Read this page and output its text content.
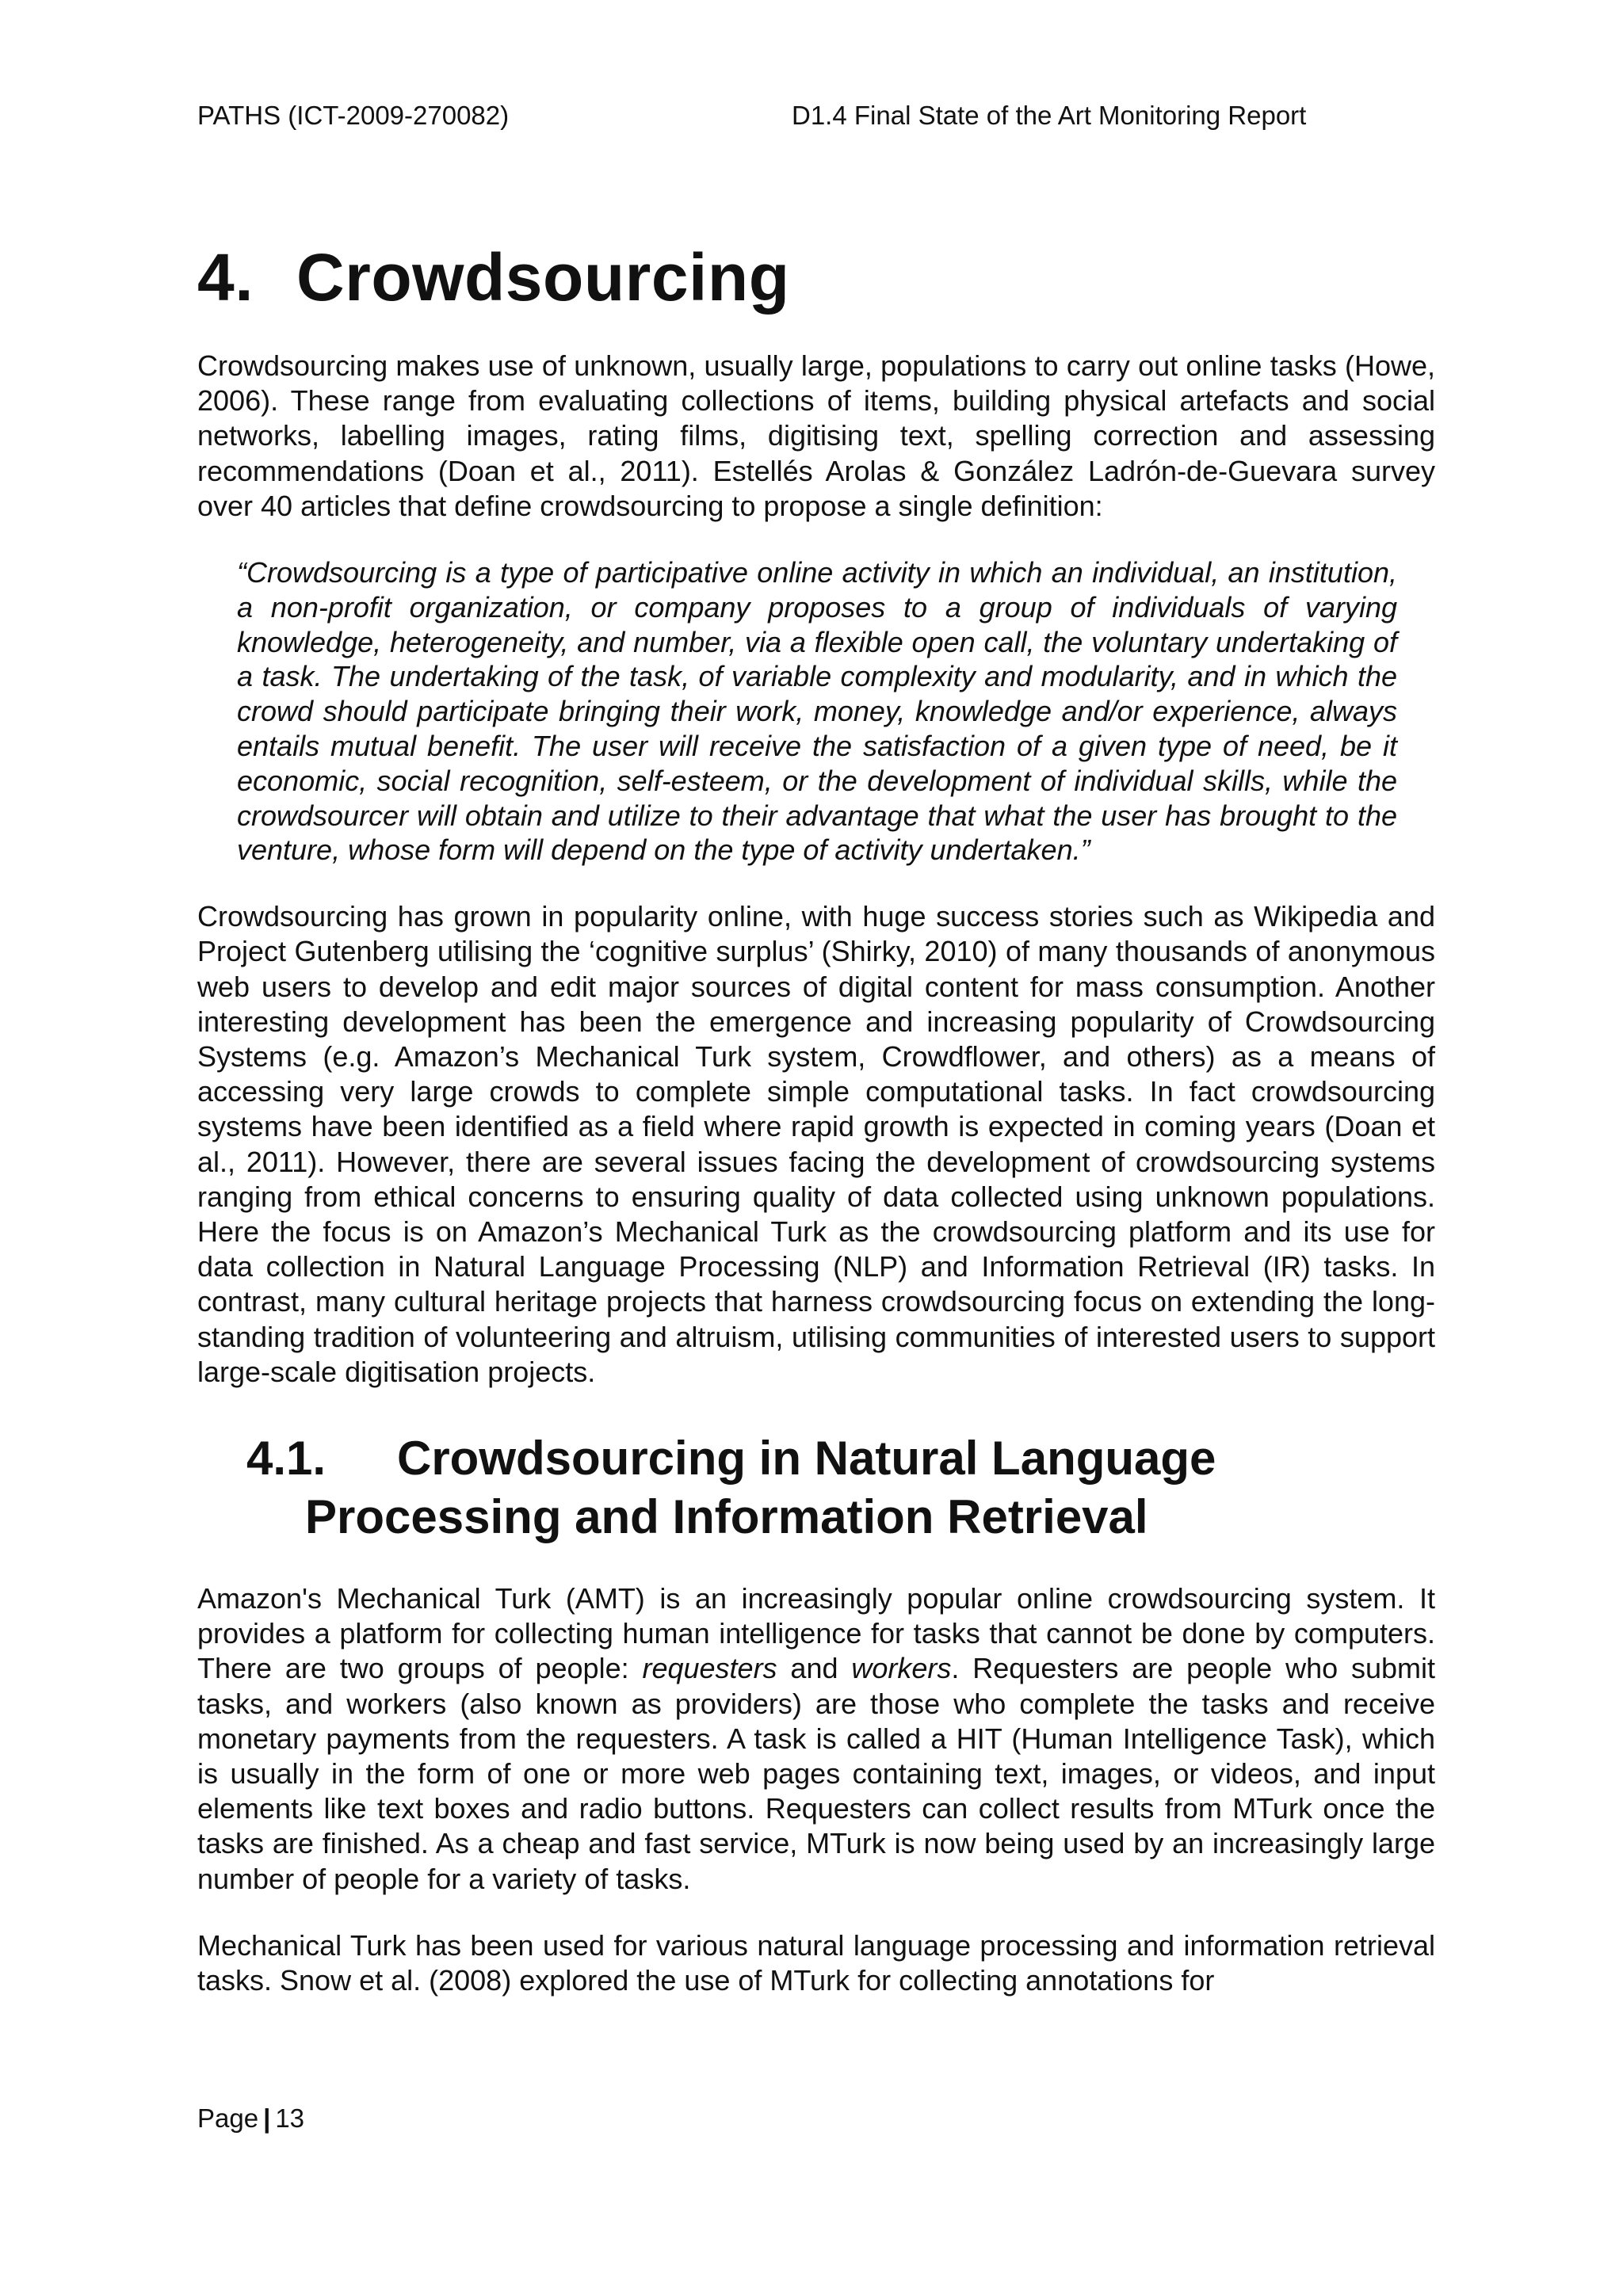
PATHS (ICT-2009-270082)	D1.4 Final State of the Art Monitoring Report
4. Crowdsourcing

Crowdsourcing makes use of unknown, usually large, populations to carry out online tasks (Howe, 2006). These range from evaluating collections of items, building physical artefacts and social networks, labelling images, rating films, digitising text, spelling correction and assessing recommendations (Doan et al., 2011). Estellés Arolas & González Ladrón-de-Guevara survey over 40 articles that define crowdsourcing to propose a single definition:

“Crowdsourcing is a type of participative online activity in which an individual, an institution, a non-profit organization, or company proposes to a group of individuals of varying knowledge, heterogeneity, and number, via a flexible open call, the voluntary undertaking of a task. The undertaking of the task, of variable complexity and modularity, and in which the crowd should participate bringing their work, money, knowledge and/or experience, always entails mutual benefit. The user will receive the satisfaction of a given type of need, be it economic, social recognition, self-esteem, or the development of individual skills, while the crowdsourcer will obtain and utilize to their advantage that what the user has brought to the venture, whose form will depend on the type of activity undertaken.”

Crowdsourcing has grown in popularity online, with huge success stories such as Wikipedia and Project Gutenberg utilising the ‘cognitive surplus’ (Shirky, 2010) of many thousands of anonymous web users to develop and edit major sources of digital content for mass consumption. Another interesting development has been the emergence and increasing popularity of Crowdsourcing Systems (e.g. Amazon’s Mechanical Turk system, Crowdflower, and others) as a means of accessing very large crowds to complete simple computational tasks. In fact crowdsourcing systems have been identified as a field where rapid growth is expected in coming years (Doan et al., 2011). However, there are several issues facing the development of crowdsourcing systems ranging from ethical concerns to ensuring quality of data collected using unknown populations. Here the focus is on Amazon’s Mechanical Turk as the crowdsourcing platform and its use for data collection in Natural Language Processing (NLP) and Information Retrieval (IR) tasks. In contrast, many cultural heritage projects that harness crowdsourcing focus on extending the long-standing tradition of volunteering and altruism, utilising communities of interested users to support large-scale digitisation projects.

4.1. Crowdsourcing in Natural Language
Processing and Information Retrieval

Amazon's Mechanical Turk (AMT) is an increasingly popular online crowdsourcing system. It provides a platform for collecting human intelligence for tasks that cannot be done by computers. There are two groups of people: requesters and workers. Requesters are people who submit tasks, and workers (also known as providers) are those who complete the tasks and receive monetary payments from the requesters. A task is called a HIT (Human Intelligence Task), which is usually in the form of one or more web pages containing text, images, or videos, and input elements like text boxes and radio buttons. Requesters can collect results from MTurk once the tasks are finished. As a cheap and fast service, MTurk is now being used by an increasingly large number of people for a variety of tasks.

Mechanical Turk has been used for various natural language processing and information retrieval tasks. Snow et al. (2008) explored the use of MTurk for collecting annotations for

Page | 13
